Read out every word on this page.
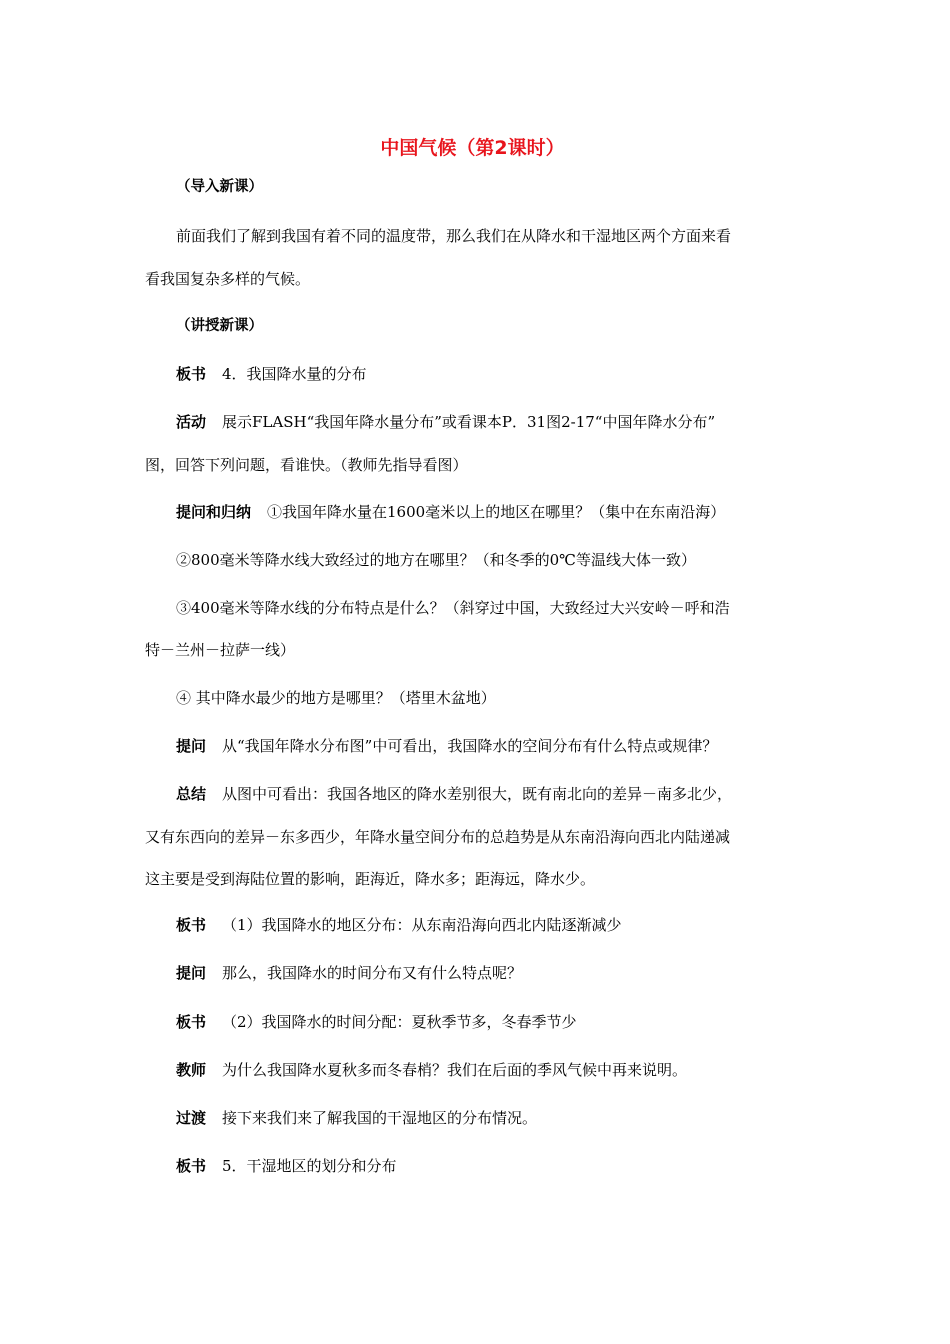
中国气候（第2课时）
（导入新课）
前面我们了解到我国有着不同的温度带，那么我们在从降水和干湿地区两个方面来看
看我国复杂多样的气候。
（讲授新课）
板书 4．我国降水量的分布
活动 展示FLASH“我国年降水量分布”或看课本P．31图2-17“中国年降水分布”
图，回答下列问题，看谁快。（教师先指导看图）
提问和归纳 ①我国年降水量在1600毫米以上的地区在哪里？（集中在东南沿海）
②800毫米等降水线大致经过的地方在哪里？（和冬季的0℃等温线大体一致）
③400毫米等降水线的分布特点是什么？（斜穿过中国，大致经过大兴安岭－呼和浩
特－兰州－拉萨一线）
④ 其中降水最少的地方是哪里？（塔里木盆地）
提问 从“我国年降水分布图”中可看出，我国降水的空间分布有什么特点或规律？
总结 从图中可看出：我国各地区的降水差别很大，既有南北向的差异－南多北少，
又有东西向的差异－东多西少，年降水量空间分布的总趋势是从东南沿海向西北内陆递减
这主要是受到海陆位置的影响，距海近，降水多；距海远，降水少。
板书 （1）我国降水的地区分布：从东南沿海向西北内陆逐渐减少
提问 那么，我国降水的时间分布又有什么特点呢？
板书 （2）我国降水的时间分配：夏秋季节多，冬春季节少
教师 为什么我国降水夏秋多而冬春梢？我们在后面的季风气候中再来说明。
过渡 接下来我们来了解我国的干湿地区的分布情况。
板书 5．干湿地区的划分和分布
